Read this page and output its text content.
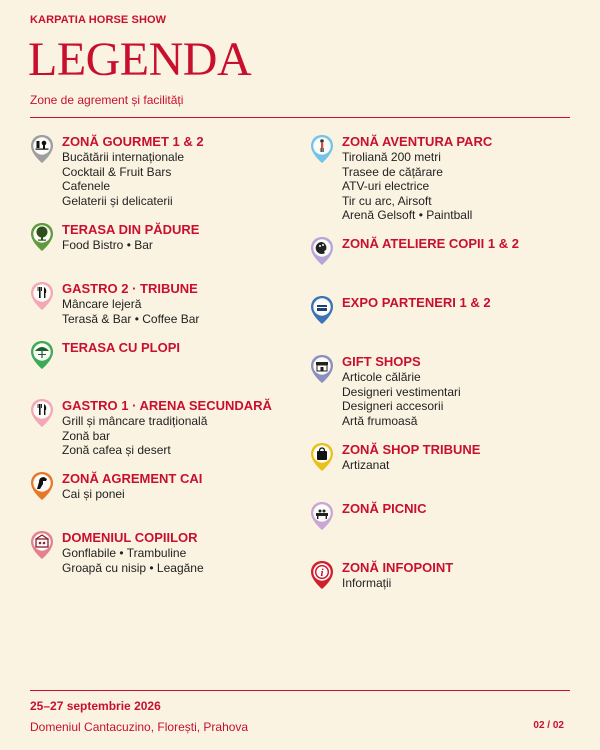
KARPATIA HORSE SHOW
LEGENDA
Zone de agrement și facilități
ZONĂ GOURMET 1 & 2
Bucătării internaționale
Cocktail & Fruit Bars
Cafenele
Gelaterii și delicaterii
TERASA DIN PĂDURE
Food Bistro • Bar
GASTRO 2 · TRIBUNE
Mâncare lejeră
Terasă & Bar • Coffee Bar
TERASA CU PLOPI
GASTRO 1 · ARENA SECUNDARĂ
Grill și mâncare tradițională
Zonă bar
Zonă cafea și desert
ZONĂ AGREMENT CAI
Cai și ponei
DOMENIUL COPIILOR
Gonflabile • Trambuline
Groapă cu nisip • Leagăne
ZONĂ AVENTURA PARC
Tiroliană 200 metri
Trasee de cățărare
ATV-uri electrice
Tir cu arc, Airsoft
Arenă Gelsoft • Paintball
ZONĂ ATELIERE COPII 1 & 2
EXPO PARTENERI 1 & 2
GIFT SHOPS
Articole călărie
Designeri vestimentari
Designeri accesorii
Artă frumoasă
ZONĂ SHOP TRIBUNE
Artizanat
ZONĂ PICNIC
i ZONĂ INFOPOINT
Informații
25–27 septembrie 2026
Domeniul Cantacuzino, Florești, Prahova	02 / 02
